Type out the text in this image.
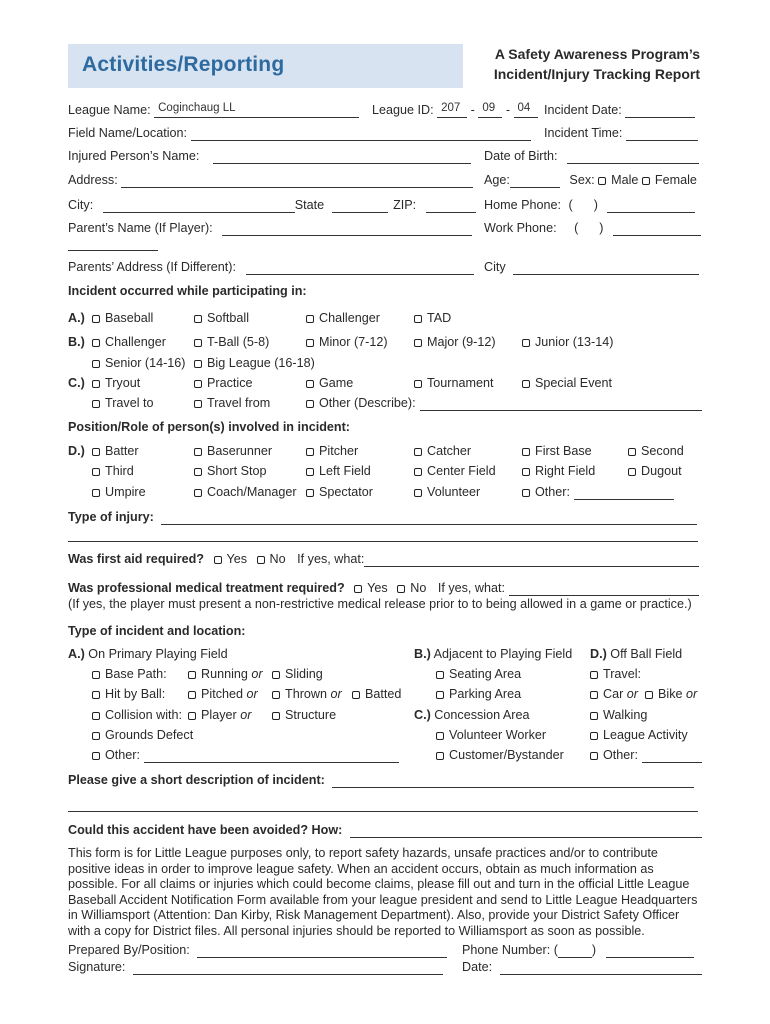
Activities/Reporting	A Safety Awareness Program’s
Incident/Injury Tracking Report
League Name: Coginchaug LL	League ID: 207 - 09 - 04 Incident Date:
Field Name/Location:	Incident Time:
Injured Person’s Name:	Date of Birth:
Address:	Age:	Sex: Male Female
City:	State	ZIP:	Home Phone: ( )
Parent’s Name (If Player):	Work Phone: ( )
Parents’ Address (If Different):	City
Incident occurred while participating in:
A.)	Baseball	Softball	Challenger	TAD
B.)	Challenger	T-Ball (5-8)	Minor (7-12)	Major (9-12)	Junior (13-14)
Senior (14-16)	Big League (16-18)
C.)	Tryout	Practice	Game	Tournament	Special Event
Travel to	Travel from	Other (Describe):
Position/Role of person(s) involved in incident:
D.)	Batter	Baserunner	Pitcher	Catcher	First Base	Second
Third	Short Stop	Left Field	Center Field	Right Field	Dugout
Umpire	Coach/Manager	Spectator	Volunteer	Other:
Type of injury:
Was first aid required? Yes No If yes, what:
Was professional medical treatment required? Yes No If yes, what:
(If yes, the player must present a non-restrictive medical release prior to to being allowed in a game or practice.)
Type of incident and location:
A.) On Primary Playing Field	B.) Adjacent to Playing Field D.) Off Ball Field
Base Path:	Running or	Sliding	Seating Area	Travel:
Hit by Ball:	Pitched or	Thrown or	Batted	Parking Area	Car or	Bike or
Collision with:	Player or	Structure	C.) Concession Area	Walking
Grounds Defect	Volunteer Worker	League Activity
Other:	Customer/Bystander	Other:
Please give a short description of incident:
Could this accident have been avoided? How:
This form is for Little League purposes only, to report safety hazards, unsafe practices and/or to contribute positive ideas in order to improve league safety. When an accident occurs, obtain as much information as possible. For all claims or injuries which could become claims, please fill out and turn in the official Little League Baseball Accident Notification Form available from your league president and send to Little League Headquarters in Williamsport (Attention: Dan Kirby, Risk Management Department). Also, provide your District Safety Officer with a copy for District files. All personal injuries should be reported to Williamsport as soon as possible.
Prepared By/Position:	Phone Number: (	)
Signature:	Date:
